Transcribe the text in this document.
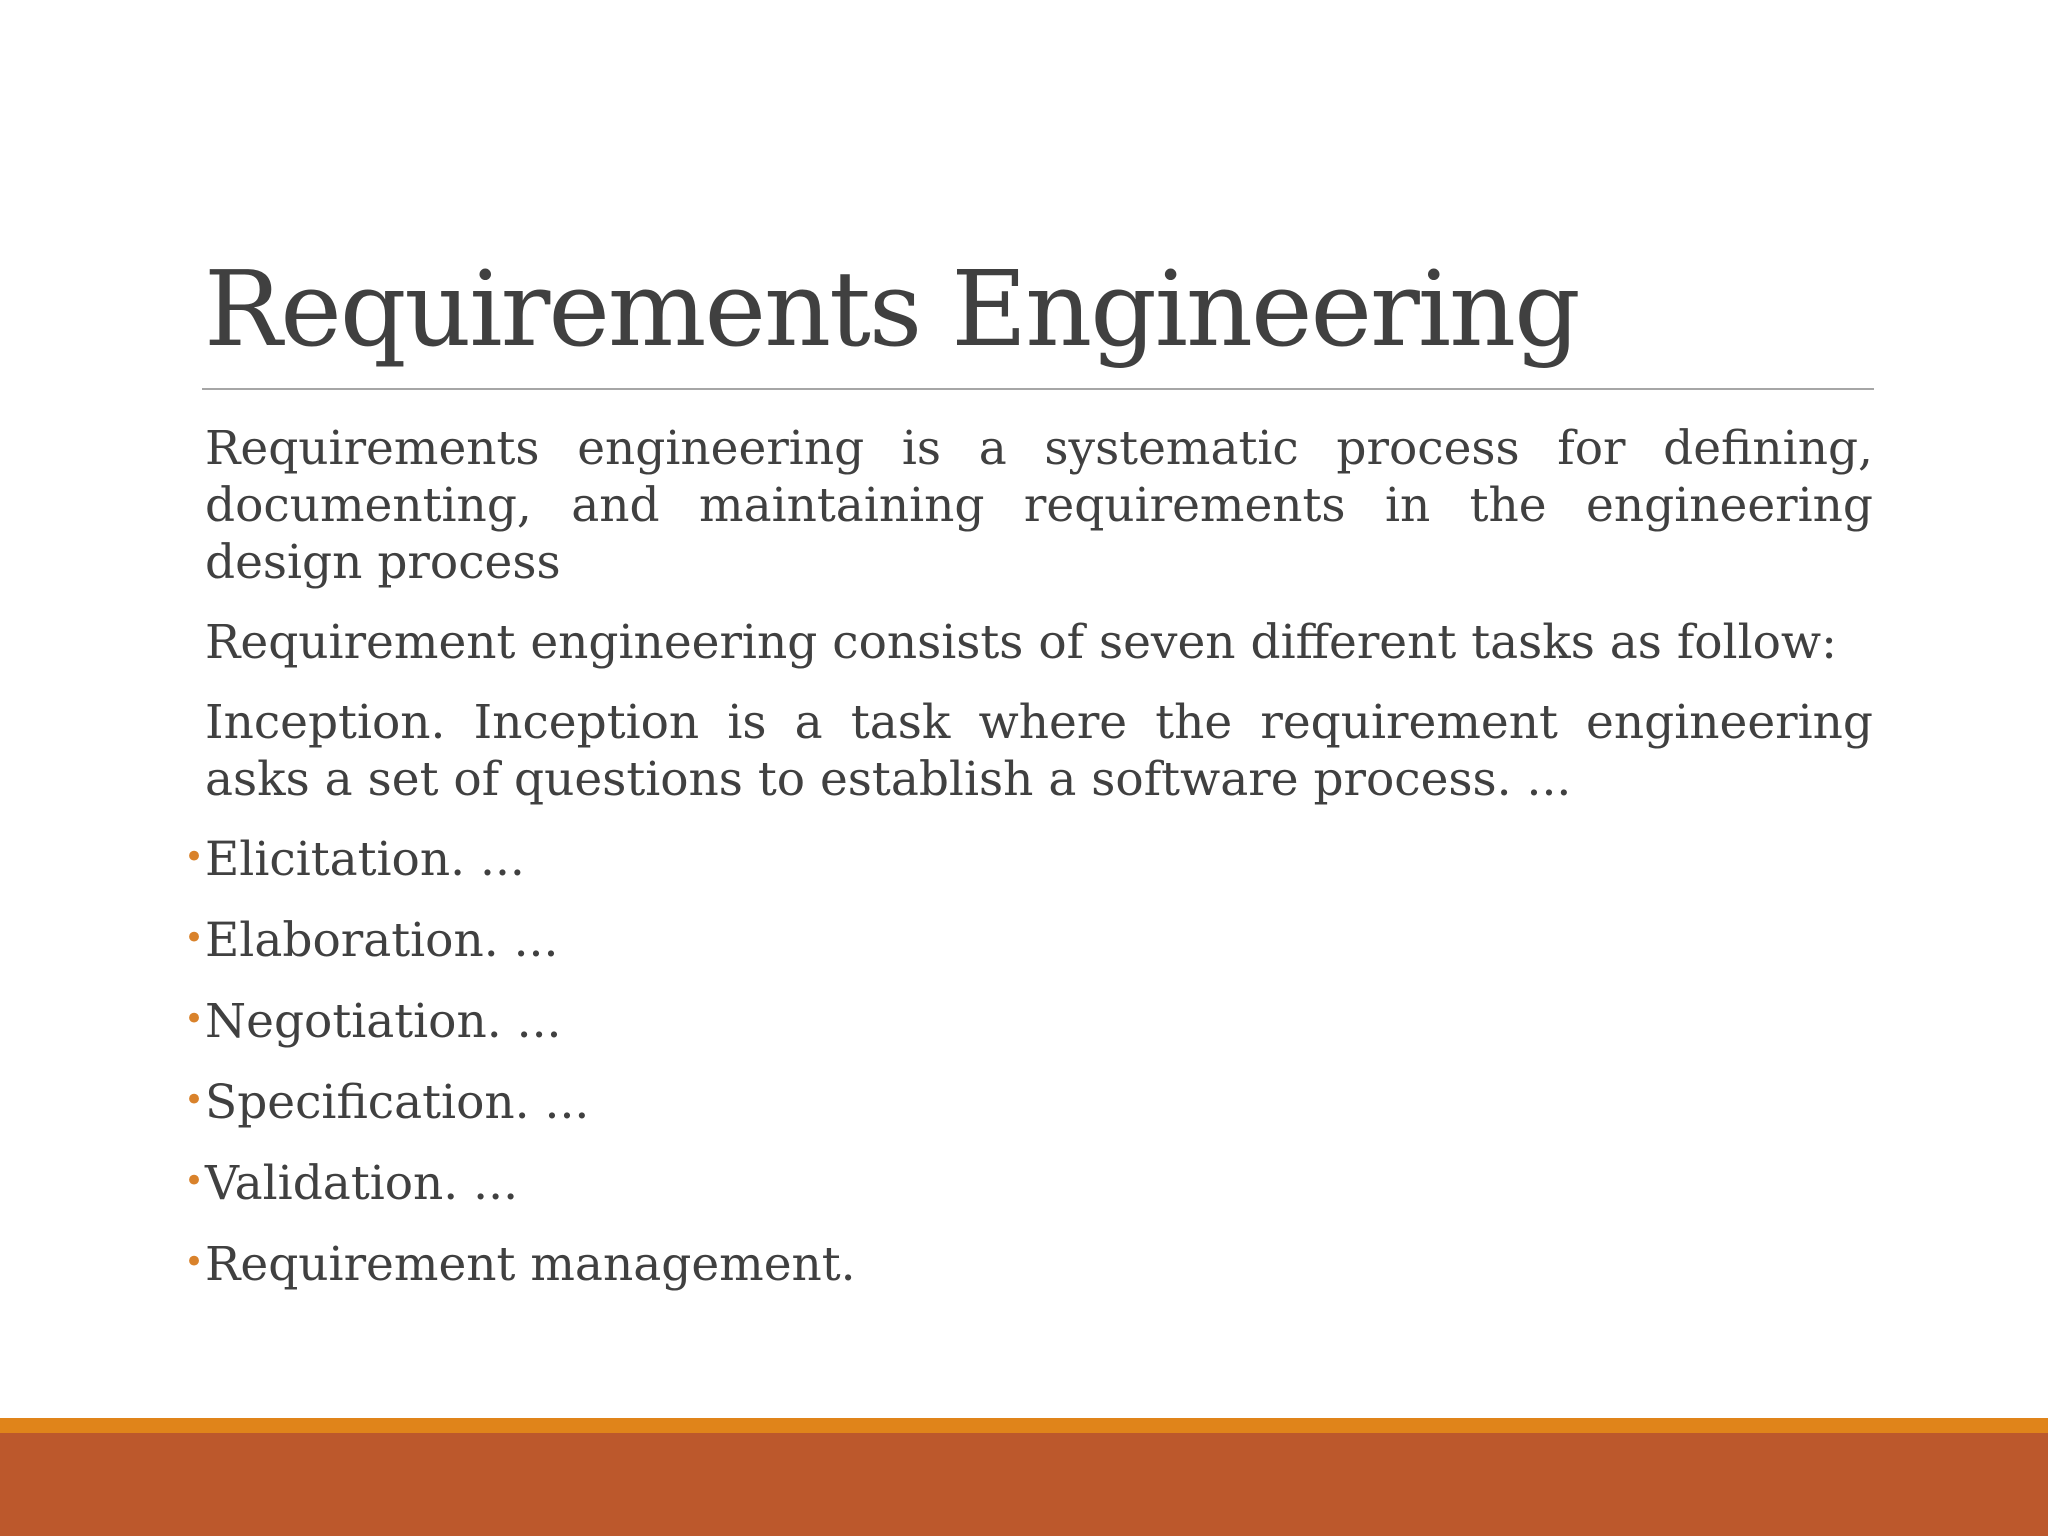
Requirements Engineering

Requirements engineering is a systematic process for defining, documenting, and maintaining requirements in the engineering design process

Requirement engineering consists of seven different tasks as follow:

Inception. Inception is a task where the requirement engineering asks a set of questions to establish a software process. ...

• Elicitation. ...
• Elaboration. ...
• Negotiation. ...
• Specification. ...
• Validation. ...
• Requirement management.
